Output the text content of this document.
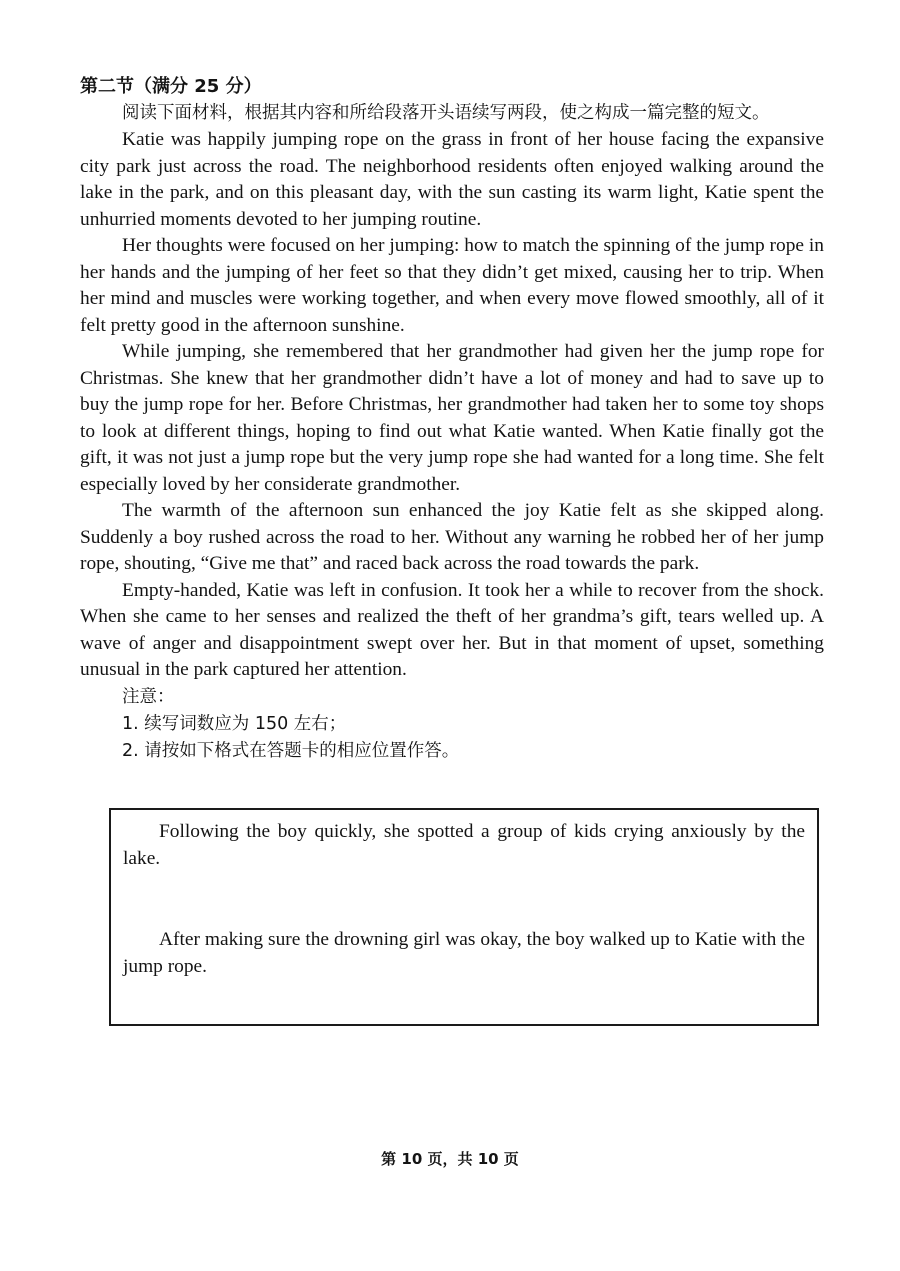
第二节（满分 25 分）

阅读下面材料，根据其内容和所给段落开头语续写两段，使之构成一篇完整的短文。

Katie was happily jumping rope on the grass in front of her house facing the expansive city park just across the road. The neighborhood residents often enjoyed walking around the lake in the park, and on this pleasant day, with the sun casting its warm light, Katie spent the unhurried moments devoted to her jumping routine.

Her thoughts were focused on her jumping: how to match the spinning of the jump rope in her hands and the jumping of her feet so that they didn’t get mixed, causing her to trip. When her mind and muscles were working together, and when every move flowed smoothly, all of it felt pretty good in the afternoon sunshine.

While jumping, she remembered that her grandmother had given her the jump rope for Christmas. She knew that her grandmother didn’t have a lot of money and had to save up to buy the jump rope for her. Before Christmas, her grandmother had taken her to some toy shops to look at different things, hoping to find out what Katie wanted. When Katie finally got the gift, it was not just a jump rope but the very jump rope she had wanted for a long time. She felt especially loved by her considerate grandmother.

The warmth of the afternoon sun enhanced the joy Katie felt as she skipped along. Suddenly a boy rushed across the road to her. Without any warning he robbed her of her jump rope, shouting, “Give me that” and raced back across the road towards the park.

Empty-handed, Katie was left in confusion. It took her a while to recover from the shock. When she came to her senses and realized the theft of her grandma’s gift, tears welled up. A wave of anger and disappointment swept over her. But in that moment of upset, something unusual in the park captured her attention.

注意：
1. 续写词数应为 150 左右；
2. 请按如下格式在答题卡的相应位置作答。

Following the boy quickly, she spotted a group of kids crying anxiously by the lake.

After making sure the drowning girl was okay, the boy walked up to Katie with the jump rope.

第 10 页，共 10 页
